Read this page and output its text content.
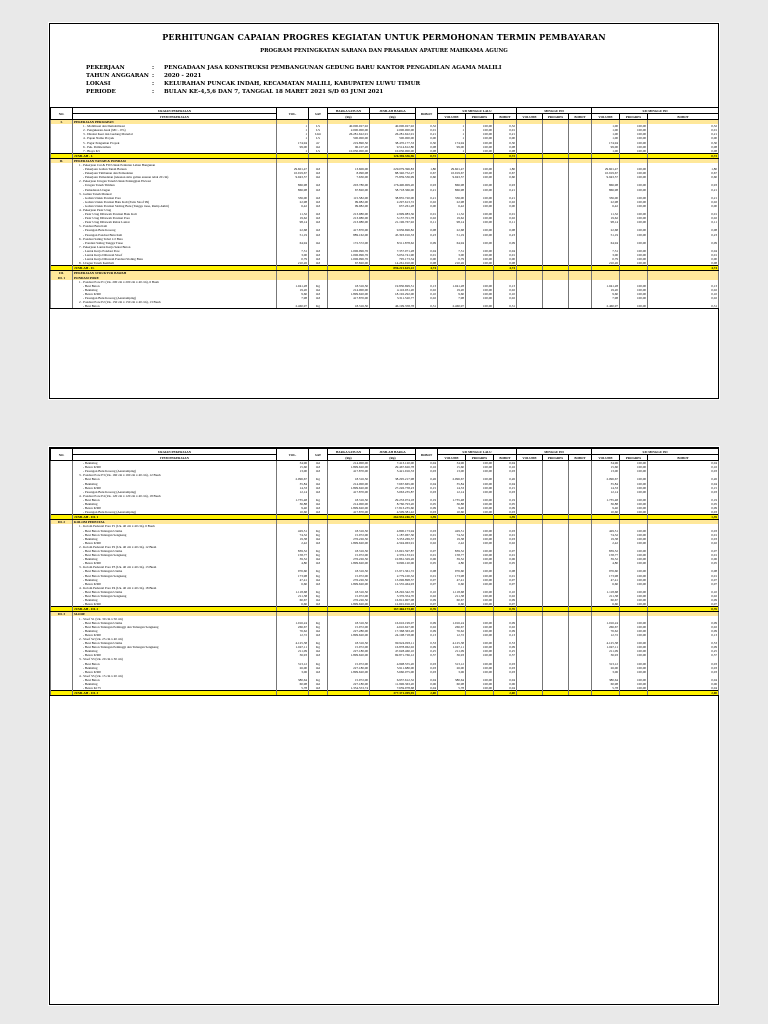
PERHITUNGAN CAPAIAN PROGRES KEGIATAN UNTUK PERMOHONAN TERMIN PEMBAYARAN
PROGRAM PENINGKATAN SARANA DAN PRASARAN APATURE MAHKAMA AGUNG
PEKERJAAN	:	PENGADAAN JASA KONSTRUKSI PEMBANGUNAN GEDUNG BARU KANTOR PENGADILAN AGAMA MALILI
TAHUN ANGGARAN :	2020 - 2021
LOKASI	:	KELURAHAN PUNCAK INDAH, KECAMATAN MALILI, KABUPATEN LUWU TIMUR
PERIODE	:	BULAN KE-4,5,6 DAN 7, TANGGAL 18 MARET 2021 S/D 03 JUNI 2021
NO.	URAIAN PEKERJAAN	VOL.	SAT	HARGA SATUAN	JUMLAH HARGA	BOBOT	S/D MINGGU LALU			MINGGU INI			S/D MINGGU INI		
	ITEM PEKERJAAN			(Rp)	(Rp)		VOLUME	PROGRES	BOBOT	VOLUME	PROGRES	BOBOT	VOLUME	PROGRES	BOBOT
I.	PEKERJAAN PERSIAPAN														
	1 . Mobilisasi dan Demobilisasi	1	LS	40.000.027,92	40.000.027,92	0,32	1	100,00	0,32				1,00	100,00	0,32
	2 . Pengukuran Awal (MC - 0%)	1	LS	2.000.000,00	2.000.000,00	0,01	1	100,00	0,01				1,00	100,00	0,01
	3 . Direksi Keet dan Gudang Material	1	Unit	26.281.622,91	26.281.622,91	0,21	1	100,00	0,21				1,00	100,00	0,21
	4 . Papan Nama Proyek	1	LS	500.000,00	500.000,00	0,00	1	100,00	0,00				1,00	100,00	0,00
	5 . Pagar Pengaman Proyek	174,94	m'	219.890,50	38.470.177,33	0,30	174,94	100,00	0,30				174,94	100,00	0,30
	6 . Pek. Pembersihan	99,00	m2	96.107,20	9.514.612,80	0,08	99,00	100,00	0,08				99,00	100,00	0,08
	7 . Biaya K3	1	LS	10.030.000,00	10.030.000,00	0,08	1	100,00	0,08				1,00	100,00	0,08
	JUMLAH - I.				126.396.336,96	0,72			0,72						0,72
II.	PEKERJAAN TANAH & PONDASI														
	1 . Pekerjaan Cut & Fill Untuk Peninian Lahan Bangunan														
	- Pekerjaan Galian Tanah Batuan	29.601,47	m3	13.606,00	229.079.396,83	1,80	29.601,47	100,00	1,80				29.601,47	100,00	1,80
	- Pekerjaan Timbunan dan Pemadatan	10.919,67	m3	8.090,08	88.340.752,27	0,67	10.919,67	100,00	0,67				10.919,67	100,00	0,67
	- Pekerjaan Pemadatan (tekanan sirtu galian ananan tebal 20 cm)	9.943,57	m2	7.630,00	75.839.536,99	0,60	9.943,57	100,00	0,60				9.943,57	100,00	0,60
	2 . Pekerjaan Urugan Tanah Untuk Peninggian Elevasi														
	- Urugan Tanah Timbun	866,98	m3	203.780,00	176.490.909,20	0,93	866,98	100,00	0,93				866,98	100,00	0,93
	- Pemadatan Urugan	866,98	m3	67.820,00	58.718.366,00	0,21	866,98	100,00	0,21				866,98	100,00	0,21
	3 . Galian Tanah Manual														
	- Galian Untuk Pondasi Pore	336,00	m3	115.582,00	38.835.720,00	0,21	336,00	100,00	0,21				336,00	100,00	0,21
	- Galian Untuk Pondasi Batu Kali (Pada Sloof 99)	22,98	m3	99.982,00	2.297.613,72	0,02	22,98	100,00	0,02				22,98	100,00	0,02
	- Galian Untuk Pondasi Sloling Batu (Tangga trese, Ramp Akhir)	6,42	m3	99.982,00	637.261,28	0,00	6,42	100,00	0,00				6,42	100,00	0,00
	4 . Pekerjaan Pasir Urug														
	- Pasir Urug Dibawah Pondasi Batu Kali	11,32	m3	213.980,00	2.999.983,36	0,01	11,32	100,00	0,01				11,32	100,00	0,01
	- Pasir Urug Dibawah Pondasi Pore	19,62	m3	213.980,00	3.157.701,78	0,02	19,62	100,00	0,02				19,62	100,00	0,02
	- Pasir Urug Dibawah Rabat Lantai	98,14	m3	213.980,00	21.196.767,92	0,11	98,14	100,00	0,11				98,14	100,00	0,11
	5 . Pondasi Batu Kali														
	- Pasangan Batu Kosong	22,68	m3	417.870,00	9.936.696,82	0,08	22,68	100,00	0,08				22,68	100,00	0,08
	- Pasangan Pondasi Batu Kali	51,19	m3	889.162,00	45.393.016,33	0,23	51,19	100,00	0,23				51,19	100,00	0,23
	6 . Pondasi Saling Tebal 1/2 Bata														
	- Pondasi Saling Tangga Trese	64,94	m2	172.572,00	8.511.878,62	0,09	64,94	100,00	0,09				64,94	100,00	0,09
	7 . Pekerjaan Lantai Kerja Sekat Beton														
	- Lantai Kerja Pondasi Pore	7,31	m3	1.006.996,76	7.357.071,28	0,04	7,31	100,00	0,04				7,31	100,00	0,04
	- Lantai Kerja Dibawah Sloof	3,00	m3	1.006.996,76	3.032.741,90	0,01	3,00	100,00	0,01				3,00	100,00	0,01
	- Lantai Kerja Dibawah Pondasi Sloling Batu	0,79	m3	1.006.996,76	795.173,34	0,00	0,79	100,00	0,00				0,79	100,00	0,00
	8 . Urugan Tanah Kembali	210,26	m3	67.820,00	14.261.910,00	0,08	210,26	100,00	0,08				210,26	100,00	0,08
	JUMLAH - II.				896.221.625,22	4,74			4,74						4,74
III.	PEKERJAAN STRUKTUR BAWAH														
III. 1	PONDASI PORE														
	1 . Pondasi Pore P1 (Uk. 200 cm x 200 cm x 40 cm), 6 Buah														
	- Besi Beton	1.041,28	Kg	18.316,50	19.830.699,51	0,13	1.041,28	100,00	0,13				1.041,28	100,00	0,13
	- Bekisting	19,20	m2	214.000,00	4.116.931,20	0,02	19,20	100,00	0,02				19,20	100,00	0,02
	- Beton K300	9,60	m3	1.899.620,00	18.192.292,00	0,10	9,60	100,00	0,10				9,60	100,00	0,10
	- Pasangan Batu Kosong (Aanstamping)	7,98	m3	417.870,00	3.311.520,77	0,02	7,98	100,00	0,02				7,98	100,00	0,02
	2 . Pondasi Pore P2 (Uk. 150 cm x 150 cm x 40 cm), 13 Buah														
	- Besi Beton	2.460,97	Kg	18.316,50	46.199.358,78	0,31	2.460,97	100,00	0,31				2.460,97	100,00	0,31
NO.	URAIAN PEKERJAAN	VOL.	SAT	HARGA SATUAN	JUMLAH HARGA	BOBOT	S/D MINGGU LALU			MINGGU INI			S/D MINGGU INI		
	ITEM PEKERJAAN			(Rp)	(Rp)		VOLUME	PROGRES	BOBOT	VOLUME	PROGRES	BOBOT	VOLUME	PROGRES	BOBOT
	- Bekisting	34,96	m2	214.000,00	7.413.120,00	0,04	34,96	100,00	0,04				34,96	100,00	0,04
	- Beton K300	15,60	m3	1.899.620,00	29.467.626,78	0,16	15,60	100,00	0,16				15,60	100,00	0,16
	- Pasangan Batu Kosong (Aanstamping)	13,00	m3	417.870,00	5.421.916,33	0,03	13,00	100,00	0,03				13,00	100,00	0,03
	3 . Pondasi Pore P3 (Uk. 160 cm x 160 cm x 40 cm), 12 Buah														
	- Besi Beton	2.096,67	Kg	18.316,50	38.295.217,98	0,26	2.096,67	100,00	0,26				2.096,67	100,00	0,26
	- Bekisting	35,84	m2	214.000,00	7.667.665,00	0,04	35,84	100,00	0,04				35,84	100,00	0,04
	- Beton K300	14,33	m3	1.899.620,00	27.226.758,23	0,15	14,33	100,00	0,15				14,33	100,00	0,15
	- Pasangan Batu Kosong (Aanstamping)	12,14	m3	417.870,00	5.063.235,87	0,03	12,14	100,00	0,03				12,14	100,00	0,03
	4 . Pondasi Pore P4 (Uk. 120 cm x 120 cm x 40 cm), 18 Buah														
	- Besi Beton	1.735,48	Kg	18.316,50	29.233.074,18	0,19	1.735,48	100,00	0,19				1.735,48	100,00	0,19
	- Bekisting	36,88	m2	214.000,00	8.760.793,20	0,05	36,88	100,00	0,05				36,88	100,00	0,05
	- Beton K300	9,40	m3	1.899.620,00	17.813.235,60	0,09	9,40	100,00	0,09				9,40	100,00	0,09
	- Pasangan Batu Kosong (Aanstamping)	10,60	m3	417.870,00	4.509.381,42	0,03	10,60	100,00	0,03				10,60	100,00	0,03
	JUMLAH - III. 1				262.932.246,79	1,39			1,39						1,39
III. 2	KOLOM PEDESTAL														
	1 . Kolom Pedestal Pore P1 (Uk. 40 cm x 40 cm), 6 Buah														
	- Besi Beton Tulangan Utama	429,51	Kg	18.316,50	4.800.173,94	0,03	429,51	100,00	0,03				429,51	100,00	0,03
	- Besi Beton Tulangan Sengkang	74,32	Kg	15.972,00	1.187.067,30	0,01	74,32	100,00	0,01				74,32	100,00	0,01
	- Bekisting	19,38	m2	276.226,50	5.353.269,57	0,03	19,38	100,00	0,03				19,38	100,00	0,03
	- Beton K300	2,42	m3	1.899.620,00	4.594.063,91	0,02	2,42	100,00	0,02				2,42	100,00	0,02
	2 . Kolom Pedestal Pore P2 (Uk. 40 cm x 40 cm), 12 Buah														
	- Besi Beton Tulangan Utama	839,52	Kg	18.316,50	13.691.597,87	0,07	839,52	100,00	0,07				839,52	100,00	0,07
	- Besi Beton Tulangan Sengkang	158,77	Kg	15.972,00	2.376.133,91	0,01	158,77	100,00	0,01				158,77	100,00	0,01
	- Bekisting	39,52	m2	276.226,50	10.861.329,26	0,06	39,52	100,00	0,06				39,52	100,00	0,06
	- Beton K300	4,80	m3	1.899.620,00	9.096.120,00	0,05	4,80	100,00	0,05				4,80	100,00	0,05
	3 . Kolom Pedestal Pore P3 (Uk. 40 cm x 40 cm), 13 Buah														
	- Besi Beton Tulangan Utama	976,60	Kg	18.316,50	15.971.361,72	0,08	976,60	100,00	0,08				976,60	100,00	0,08
	- Besi Beton Tulangan Sengkang	173,98	Kg	15.972,00	2.779.100,32	0,01	173,98	100,00	0,01				173,98	100,00	0,01
	- Bekisting	47,41	m2	276.226,50	13.096.898,37	0,07	47,41	100,00	0,07				47,41	100,00	0,07
	- Beton K300	6,60	m3	1.899.620,00	12.535.464,93	0,07	6,60	100,00	0,07				6,60	100,00	0,07
	4 . Kolom Pedestal Pore P4 (Uk. 40 cm x 40 cm), 18 Buah														
	- Besi Beton Tulangan Utama	1.118,68	Kg	18.316,50	18.292.342,70	0,10	1.118,68	100,00	0,10				1.118,68	100,00	0,10
	- Besi Beton Tulangan Sengkang	211,38	Kg	15.972,00	3.376.354,70	0,02	211,38	100,00	0,02				211,38	100,00	0,02
	- Bekisting	60,67	m2	276.226,50	16.812.907,08	0,09	60,67	100,00	0,09				60,67	100,00	0,09
	- Beton K300	6,60	m3	1.899.620,00	12.601.916,18	0,07	6,60	100,00	0,07				6,60	100,00	0,07
	JUMLAH - III. 2				167.466.173,00	0,76			0,76						0,76
III. 3	SLOOF														
	1 . Sloof S1 (Uk. 30 cm x 50 cm)														
	- Besi Beton Tulangan Utama	1.016,24	Kg	18.316,50	16.616.199,07	0,09	1.016,24	100,00	0,09				1.016,24	100,00	0,09
	- Besi Beton Tulangan Peminggi dan Tulangan Sengkang	266,67	Kg	15.972,00	4.610.627,00	0,02	266,67	100,00	0,02				266,67	100,00	0,02
	- Bekisting	76,62	m2	227.280,00	17.368.363,20	0,09	76,62	100,00	0,09				76,62	100,00	0,09
	- Beton K300	12,72	m3	1.899.620,00	24.108.718,00	0,13	12,72	100,00	0,13				12,72	100,00	0,13
	2 . Sloof S2 (Uk. 25 cm x 40 cm)														
	- Besi Beton Tulangan Utama	4.125,38	Kg	18.316,50	99.924.093,11	0,53	4.125,38	100,00	0,53				4.125,38	100,00	0,53
	- Besi Beton Tulangan Peminggi dan Tulangan Sengkang	1.047,11	Kg	15.972,00	16.878.062,02	0,09	1.047,11	100,00	0,09				1.047,11	100,00	0,09
	- Bekisting	211,09	m2	227.180,00	47.628.460,10	0,25	211,09	100,00	0,25				211,09	100,00	0,25
	- Beton K300	36,93	m3	1.899.620,00	69.871.766,12	0,37	36,93	100,00	0,37				36,93	100,00	0,37
	3 . Sloof S3 (Uk. 20 cm x 30 cm)														
	- Besi Beton	313,12	Kg	15.972,00	4.998.555,20	0,03	313,12	100,00	0,03				313,12	100,00	0,03
	- Bekisting	26,00	m2	227.180,00	5.911.680,00	0,03	26,00	100,00	0,03				26,00	100,00	0,03
	- Beton K300	3,06	m3	1.899.620,00	5.660.075,00	0,03	3,06	100,00	0,03				3,06	100,00	0,03
	4 . Sloof S5 (Uk. 15 cm x 20 cm)														
	- Besi Beton	380,64	Kg	15.972,00	6.937.612,32	0,04	380,64	100,00	0,04				380,64	100,00	0,04
	- Bekisting	60,98	m2	227.180,00	11.996.363,20	0,06	60,98	100,00	0,06				60,98	100,00	0,06
	- Beton K175	5,78	m3	1.334.553,74	7.659.978,68	0,04	5,78	100,00	0,04				5,78	100,00	0,04
	JUMLAH - III. 3				377.371.499,95	2,00			2,00						2,00
